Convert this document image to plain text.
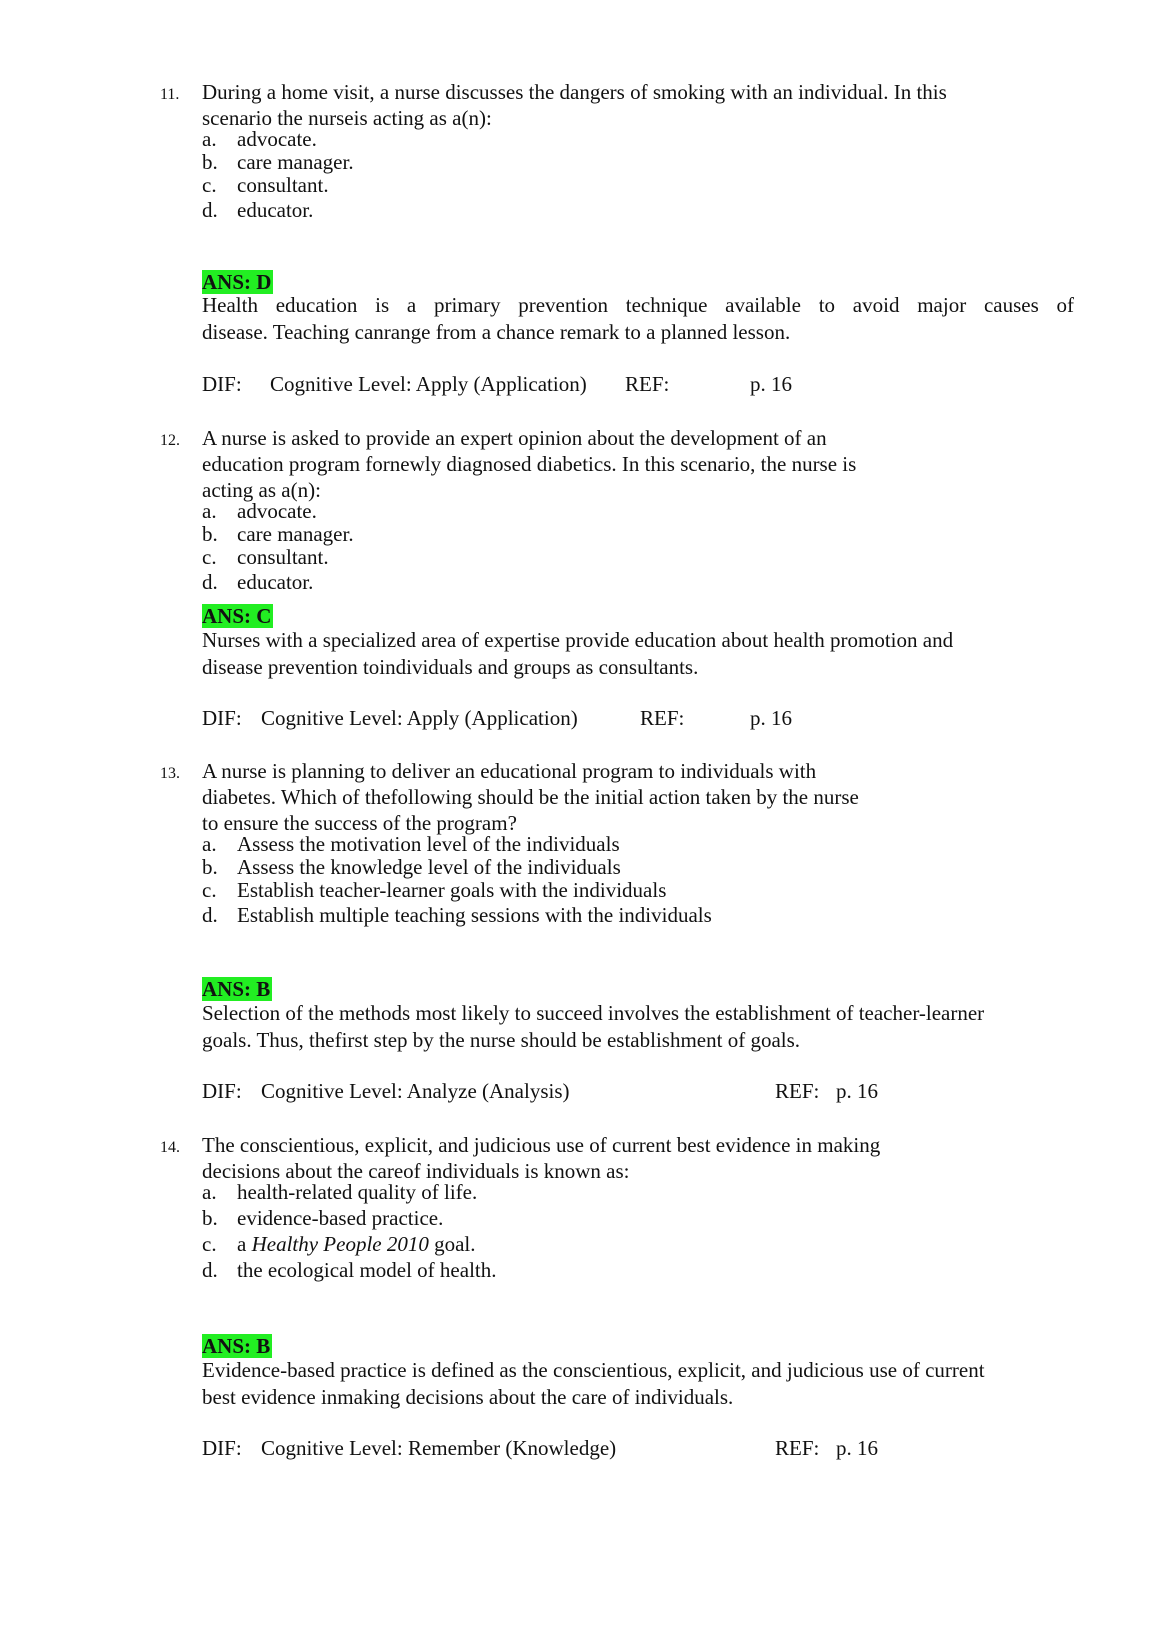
11. During a home visit, a nurse discusses the dangers of smoking with an individual. In this
scenario the nurseis acting as a(n):
a. advocate.
b. care manager.
c. consultant.
d. educator.
ANS: D
Health education is a primary prevention technique available to avoid major causes of
disease. Teaching canrange from a chance remark to a planned lesson.
DIF: Cognitive Level: Apply (Application) REF:	p. 16
12. A nurse is asked to provide an expert opinion about the development of an
education program fornewly diagnosed diabetics. In this scenario, the nurse is
acting as a(n):
a. advocate.
b. care manager.
c. consultant.
d. educator.
ANS: C
Nurses with a specialized area of expertise provide education about health promotion and
disease prevention toindividuals and groups as consultants.
DIF: Cognitive Level: Apply (Application)	REF:	p. 16
13. A nurse is planning to deliver an educational program to individuals with
diabetes. Which of thefollowing should be the initial action taken by the nurse
to ensure the success of the program?
a. Assess the motivation level of the individuals
b. Assess the knowledge level of the individuals
c. Establish teacher-learner goals with the individuals
d. Establish multiple teaching sessions with the individuals
ANS: B
Selection of the methods most likely to succeed involves the establishment of teacher-learner
goals. Thus, thefirst step by the nurse should be establishment of goals.
DIF: Cognitive Level: Analyze (Analysis)	REF: p. 16
14. The conscientious, explicit, and judicious use of current best evidence in making
decisions about the careof individuals is known as:
a. health-related quality of life.
b. evidence-based practice.
c. a Healthy People 2010 goal.
d. the ecological model of health.
ANS: B
Evidence-based practice is defined as the conscientious, explicit, and judicious use of current
best evidence inmaking decisions about the care of individuals.
DIF: Cognitive Level: Remember (Knowledge)	REF: p. 16
